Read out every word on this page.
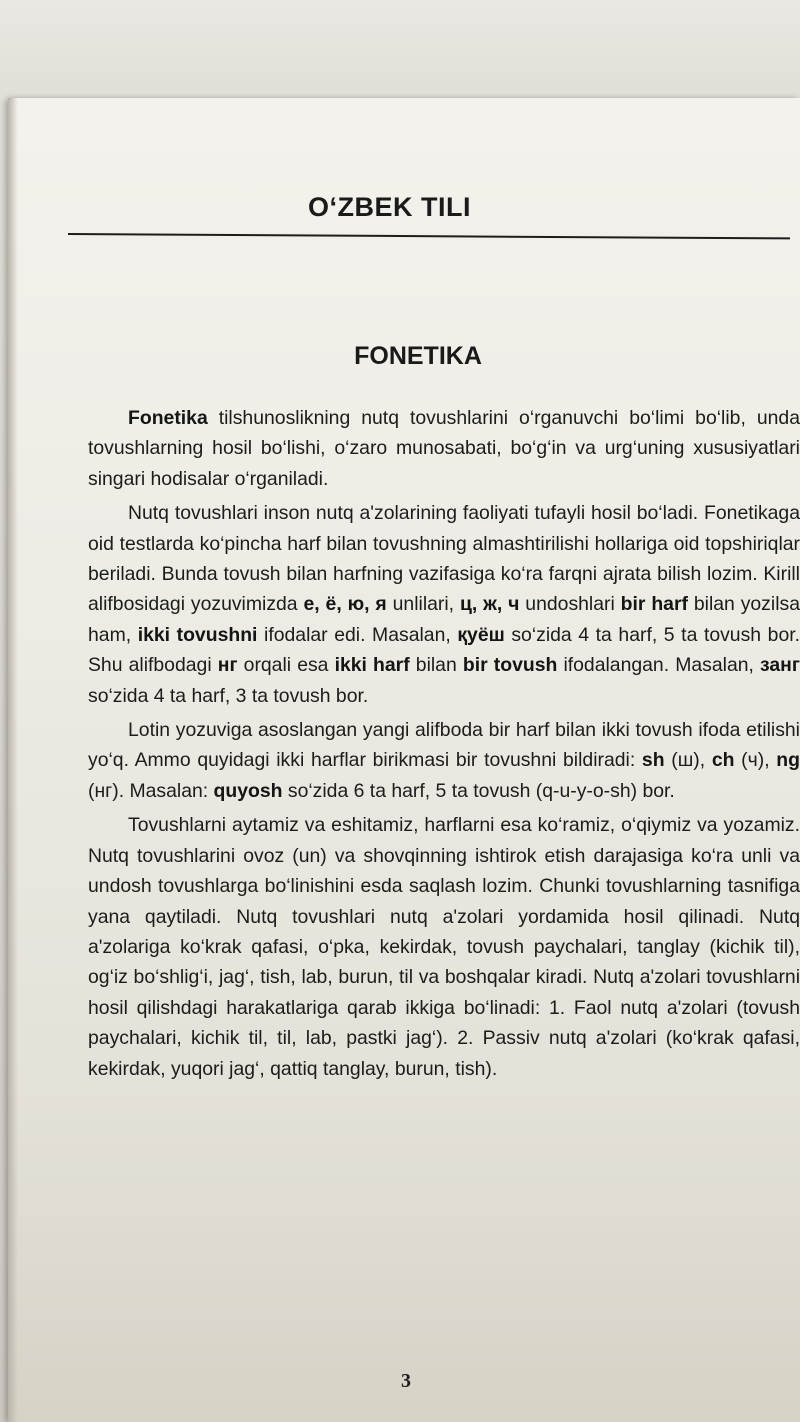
O‘ZBEK TILI
FONETIKA

Fonetika tilshunoslikning nutq tovushlarini o‘rganuvchi bo‘limi bo‘lib, unda tovushlarning hosil bo‘lishi, o‘zaro munosabati, bo‘g‘in va urg‘uning xususiyatlari singari hodisalar o‘rganiladi.

Nutq tovushlari inson nutq a'zolarining faoliyati tufayli hosil bo‘ladi. Fonetikaga oid testlarda ko‘pincha harf bilan tovushning almashtirilishi hollariga oid topshiriqlar beriladi. Bunda tovush bilan harfning vazifasiga ko‘ra farqni ajrata bilish lozim. Kirill alifbosidagi yozuvimizda е, ё, ю, я unlilari, ц, ж, ч undoshlari bir harf bilan yozilsa ham, ikki tovushni ifodalar edi. Masalan, қуёш so‘zida 4 ta harf, 5 ta tovush bor. Shu alifbodagi нг orqali esa ikki harf bilan bir tovush ifodalangan. Masalan, занг so‘zida 4 ta harf, 3 ta tovush bor.

Lotin yozuviga asoslangan yangi alifboda bir harf bilan ikki tovush ifoda etilishi yo‘q. Ammo quyidagi ikki harflar birikmasi bir tovushni bildiradi: sh (ш), ch (ч), ng (нг). Masalan: quyosh so‘zida 6 ta harf, 5 ta tovush (q-u-y-o-sh) bor.

Tovushlarni aytamiz va eshitamiz, harflarni esa ko‘ramiz, o‘qiymiz va yozamiz. Nutq tovushlarini ovoz (un) va shovqinning ishtirok etish darajasiga ko‘ra unli va undosh tovushlarga bo‘linishini esda saqlash lozim. Chunki tovushlarning tasnifiga yana qaytiladi. Nutq tovushlari nutq a'zolari yordamida hosil qilinadi. Nutq a'zolariga ko‘krak qafasi, o‘pka, kekirdak, tovush paychalari, tanglay (kichik til), og‘iz bo‘shlig‘i, jag‘, tish, lab, burun, til va boshqalar kiradi. Nutq a'zolari tovushlarni hosil qilishdagi harakatlariga qarab ikkiga bo‘linadi: 1. Faol nutq a'zolari (tovush paychalari, kichik til, til, lab, pastki jag‘). 2. Passiv nutq a'zolari (ko‘krak qafasi, kekirdak, yuqori jag‘, qattiq tanglay, burun, tish).

3
